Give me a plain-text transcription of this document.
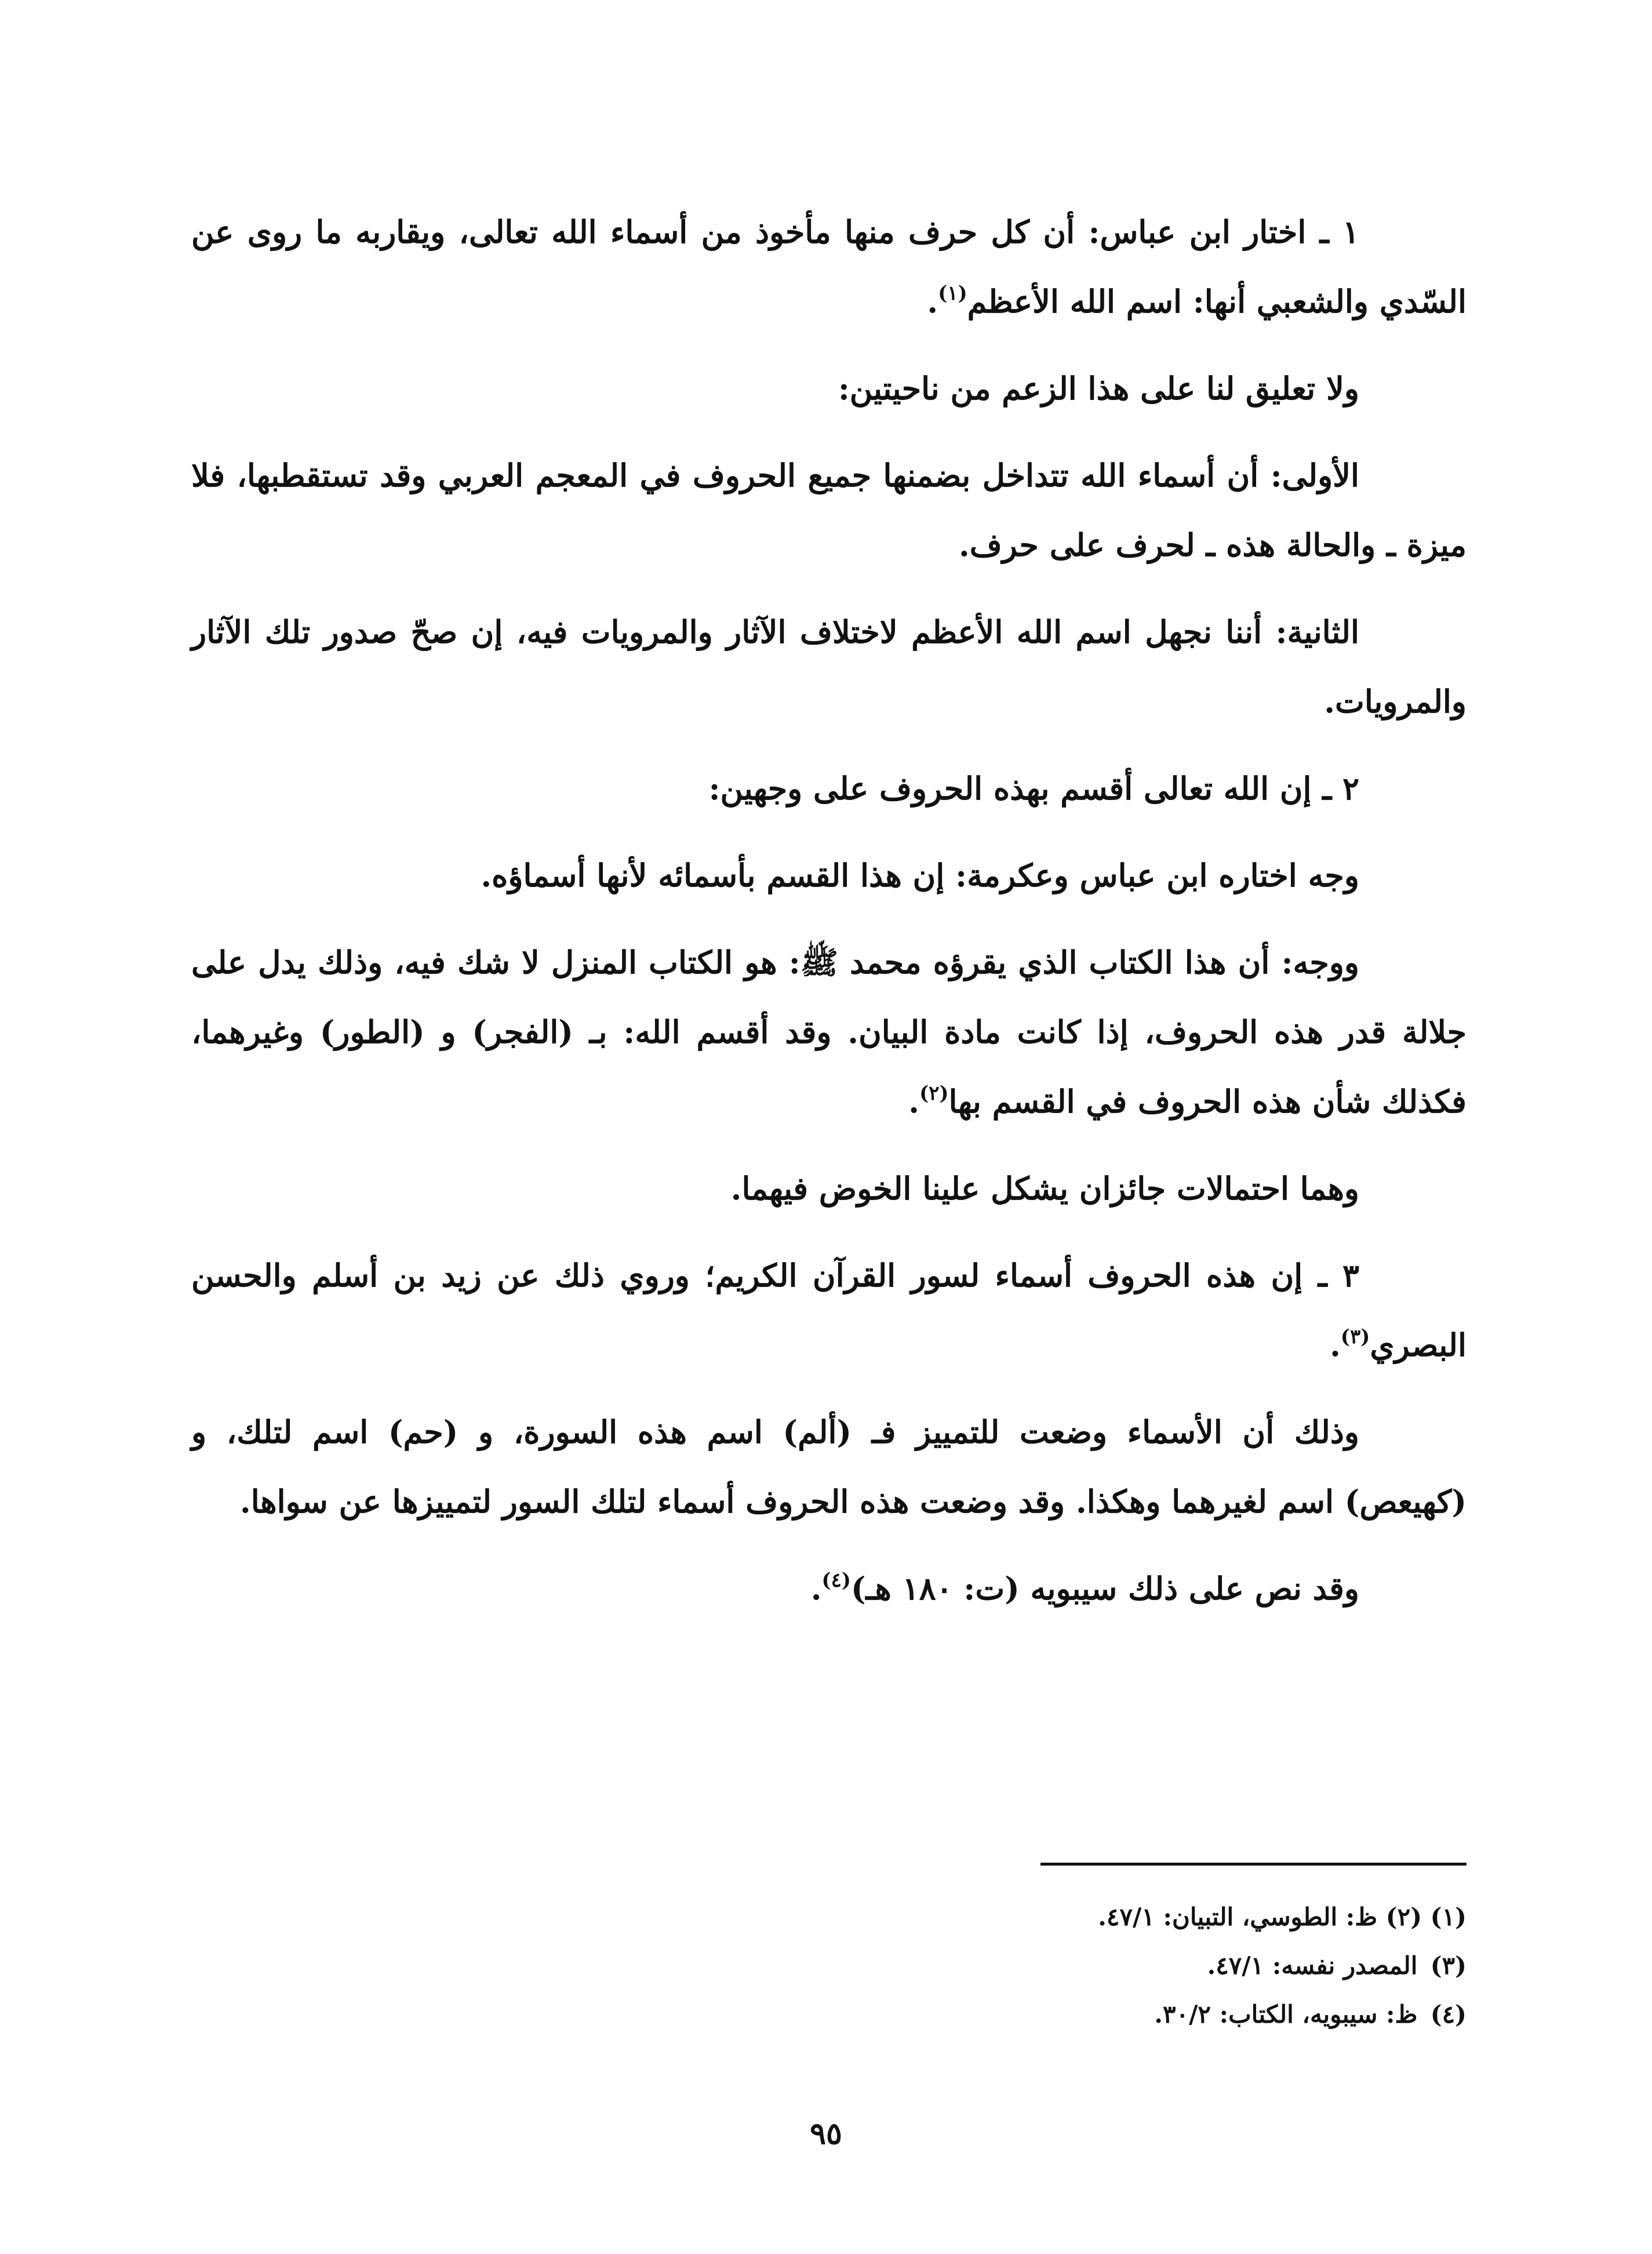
١ ـ اختار ابن عباس: أن كل حرف منها مأخوذ من أسماء الله تعالى، ويقاربه ما روى عن السّدي والشعبي أنها: اسم الله الأعظم$^{(١)}$.

ولا تعليق لنا على هذا الزعم من ناحيتين:

الأولى: أن أسماء الله تتداخل بضمنها جميع الحروف في المعجم العربي وقد تستقطبها، فلا ميزة ـ والحالة هذه ـ لحرف على حرف.

الثانية: أننا نجهل اسم الله الأعظم لاختلاف الآثار والمرويات فيه، إن صحّ صدور تلك الآثار والمرويات.

٢ ـ إن الله تعالى أقسم بهذه الحروف على وجهين:

وجه اختاره ابن عباس وعكرمة: إن هذا القسم بأسمائه لأنها أسماؤه.

ووجه: أن هذا الكتاب الذي يقرؤه محمد ﷺ: هو الكتاب المنزل لا شك فيه، وذلك يدل على جلالة قدر هذه الحروف، إذا كانت مادة البيان. وقد أقسم الله: بـ (الفجر) و (الطور) وغيرهما، فكذلك شأن هذه الحروف في القسم بها$^{(٢)}$.

وهما احتمالات جائزان يشكل علينا الخوض فيهما.

٣ ـ إن هذه الحروف أسماء لسور القرآن الكريم؛ وروي ذلك عن زيد بن أسلم والحسن البصري$^{(٣)}$.

وذلك أن الأسماء وضعت للتمييز فـ (ألم) اسم هذه السورة، و (حم) اسم لتلك، و (كهيعص) اسم لغيرهما وهكذا. وقد وضعت هذه الحروف أسماء لتلك السور لتمييزها عن سواها.

وقد نص على ذلك سيبويه (ت: ١٨٠ هـ)$^{(٤)}$.

(١) (٢) ظ: الطوسي، التبيان: ٤٧/١.
(٣) المصدر نفسه: ٤٧/١.
(٤) ظ: سيبويه، الكتاب: ٣٠/٢.
٩٥
